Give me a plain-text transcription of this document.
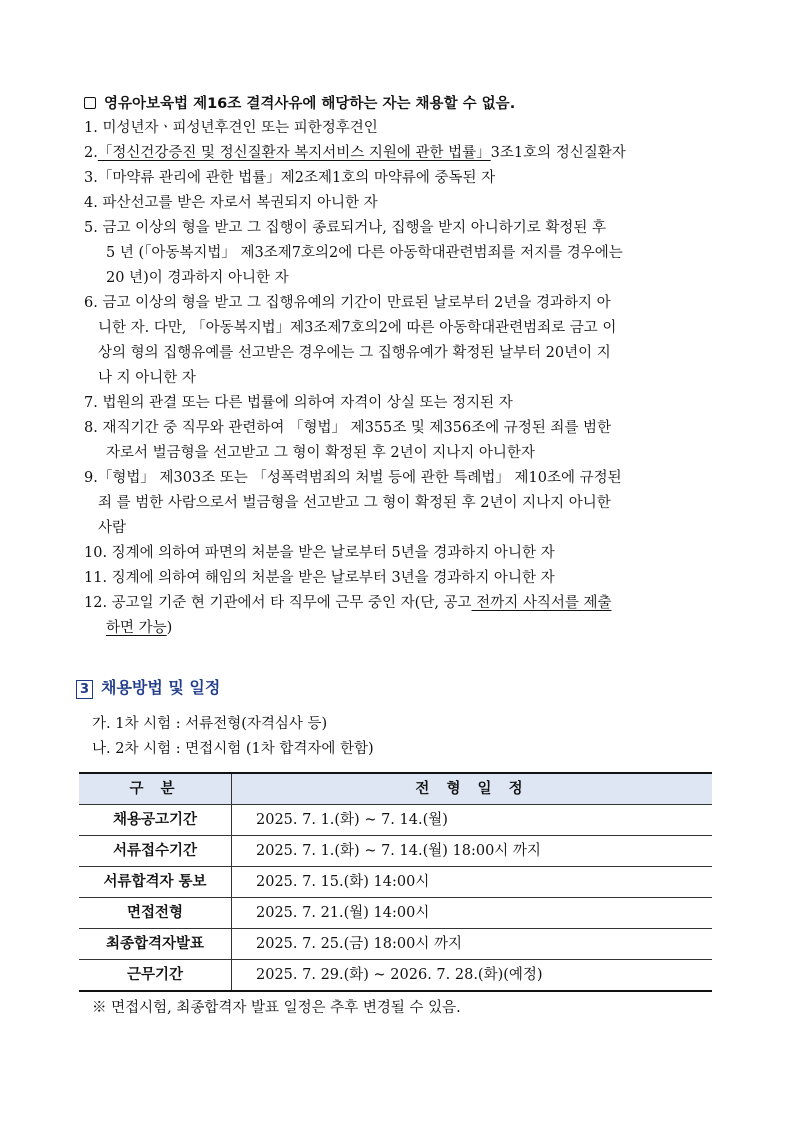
영유아보육법 제16조 결격사유에 해당하는 자는 채용할 수 없음.
1. 미성년자ㆍ피성년후견인 또는 피한정후견인
2.「정신건강증진 및 정신질환자 복지서비스 지원에 관한 법률」3조1호의 정신질환자
3.「마약류 관리에 관한 법률」제2조제1호의 마약류에 중독된 자
4. 파산선고를 받은 자로서 복권되지 아니한 자
5. 금고 이상의 형을 받고 그 집행이 종료되거나, 집행을 받지 아니하기로 확정된 후
5 년 (「아동복지법」 제3조제7호의2에 다른 아동학대관련범죄를 저지를 경우에는
20 년)이 경과하지 아니한 자
6. 금고 이상의 형을 받고 그 집행유예의 기간이 만료된 날로부터 2년을 경과하지 아
니한 자. 다만, 「아동복지법」제3조제7호의2에 따른 아동학대관련범죄로 금고 이
상의 형의 집행유예를 선고받은 경우에는 그 집행유예가 확정된 날부터 20년이 지
나 지 아니한 자
7. 법원의 관결 또는 다른 법률에 의하여 자격이 상실 또는 정지된 자
8. 재직기간 중 직무와 관련하여 「형법」 제355조 및 제356조에 규정된 죄를 범한
자로서 벌금형을 선고받고 그 형이 확정된 후 2년이 지나지 아니한자
9.「형법」 제303조 또는 「성폭력범죄의 처벌 등에 관한 특례법」 제10조에 규정된
죄 를 범한 사람으로서 벌금형을 선고받고 그 형이 확정된 후 2년이 지나지 아니한
사람
10. 징계에 의하여 파면의 처분을 받은 날로부터 5년을 경과하지 아니한 자
11. 징계에 의하여 해임의 처분을 받은 날로부터 3년을 경과하지 아니한 자
12. 공고일 기준 현 기관에서 타 직무에 근무 중인 자(단, 공고 전까지 사직서를 제출
하면 가능)
3 채용방법 및 일정
가. 1차 시험 : 서류전형(자격심사 등)
나. 2차 시험 : 면접시험 (1차 합격자에 한함)
구 분	전 형 일 정
채용공고기간	2025. 7. 1.(화) ~ 7. 14.(월)
서류접수기간	2025. 7. 1.(화) ~ 7. 14.(월) 18:00시 까지
서류합격자 통보	2025. 7. 15.(화) 14:00시
면접전형	2025. 7. 21.(월) 14:00시
최종합격자발표	2025. 7. 25.(금) 18:00시 까지
근무기간	2025. 7. 29.(화) ~ 2026. 7. 28.(화)(예정)
※ 면접시험, 최종합격자 발표 일정은 추후 변경될 수 있음.
